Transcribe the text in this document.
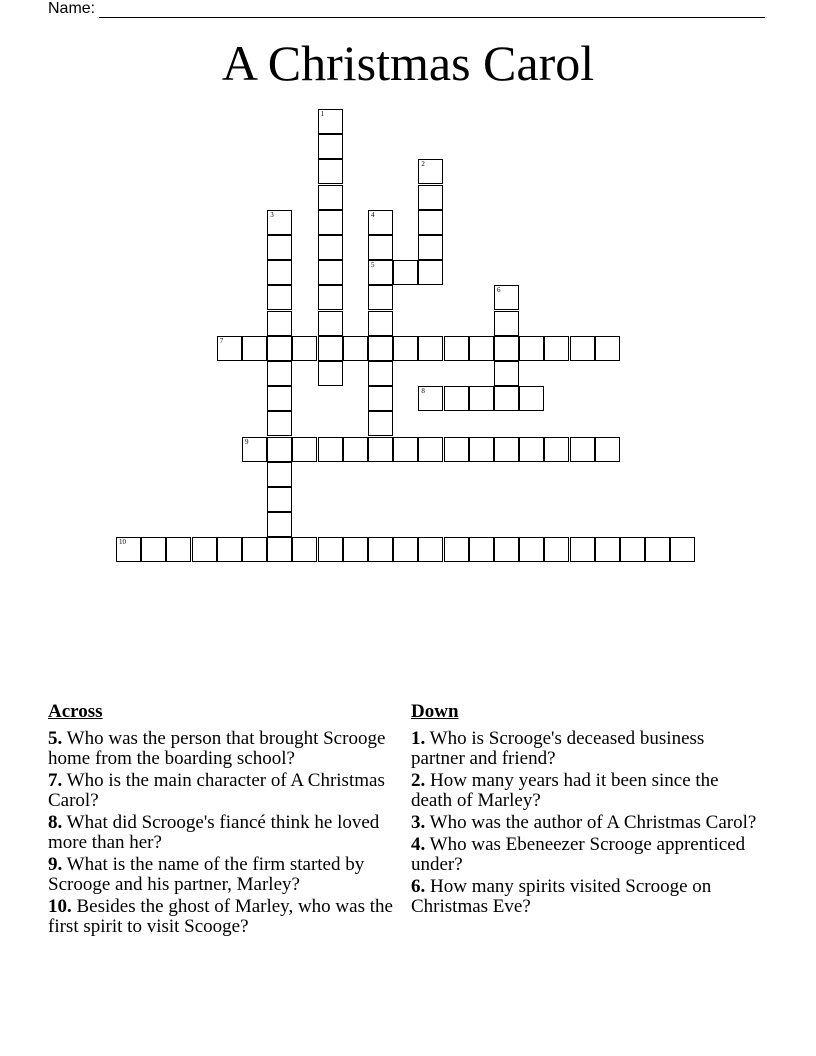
Name:
A Christmas Carol
1
2
3	4
5
6
7
8
9
10
Across
5. Who was the person that brought Scrooge home from the boarding school?
7. Who is the main character of A Christmas Carol?
8. What did Scrooge's fiancé think he loved more than her?
9. What is the name of the firm started by Scrooge and his partner, Marley?
10. Besides the ghost of Marley, who was the first spirit to visit Scooge?
Down
1. Who is Scrooge's deceased business partner and friend?
2. How many years had it been since the death of Marley?
3. Who was the author of A Christmas Carol?
4. Who was Ebeneezer Scrooge apprenticed under?
6. How many spirits visited Scrooge on Christmas Eve?
